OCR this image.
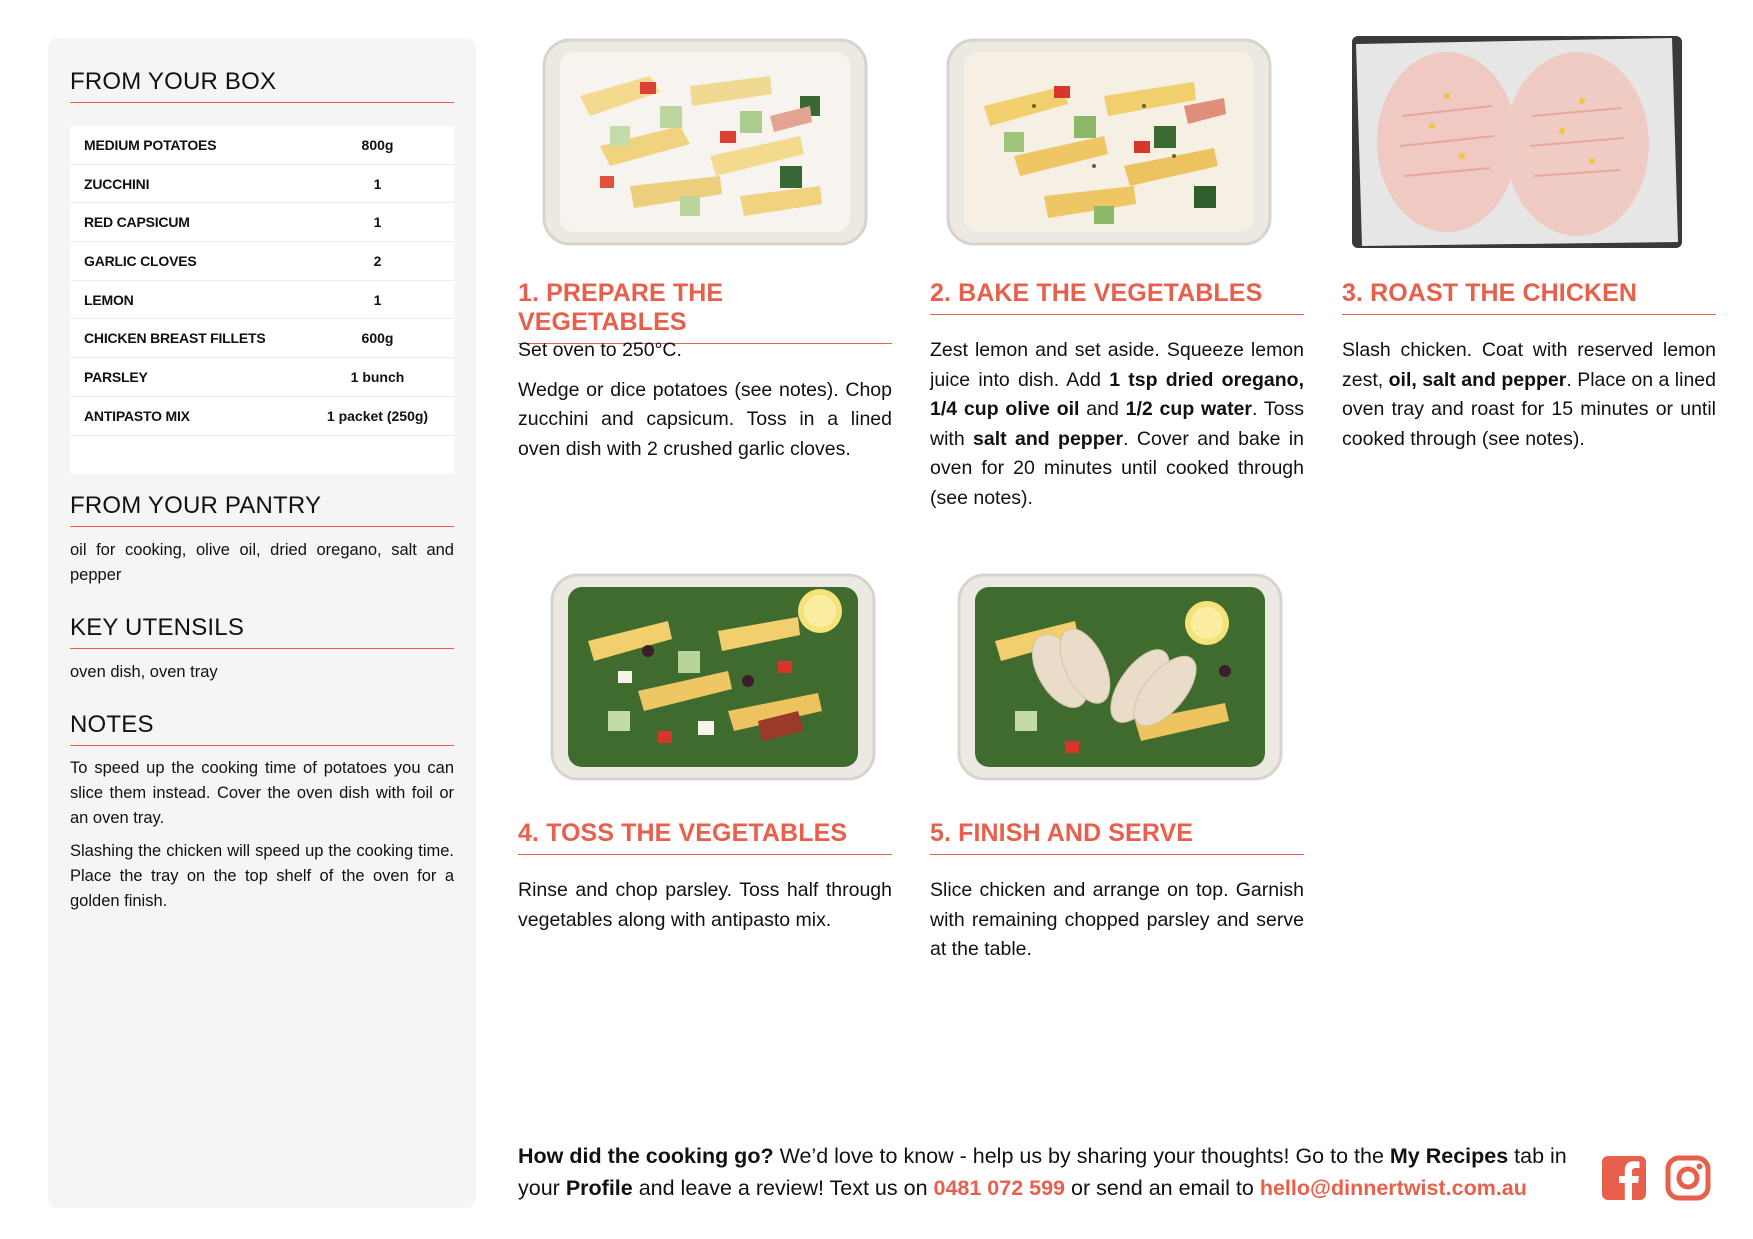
FROM YOUR BOX
MEDIUM POTATOES	800g
ZUCCHINI	1
RED CAPSICUM	1
GARLIC CLOVES	2
LEMON	1
CHICKEN BREAST FILLETS	600g
PARSLEY	1 bunch
ANTIPASTO MIX	1 packet (250g)
FROM YOUR PANTRY
oil for cooking, olive oil, dried oregano, salt and pepper
KEY UTENSILS
oven dish, oven tray
NOTES

To speed up the cooking time of potatoes you can slice them instead. Cover the oven dish with foil or an oven tray.

Slashing the chicken will speed up the cooking time. Place the tray on the top shelf of the oven for a golden finish.

1. PREPARE THE VEGETABLES

Set oven to 250°C.

Wedge or dice potatoes (see notes). Chop zucchini and capsicum. Toss in a lined oven dish with 2 crushed garlic cloves.

2. BAKE THE VEGETABLES

Zest lemon and set aside. Squeeze lemon juice into dish. Add 1 tsp dried oregano, 1/4 cup olive oil and 1/2 cup water. Toss with salt and pepper. Cover and bake in oven for 20 minutes until cooked through (see notes).

3. ROAST THE CHICKEN

Slash chicken. Coat with reserved lemon zest, oil, salt and pepper. Place on a lined oven tray and roast for 15 minutes or until cooked through (see notes).

4. TOSS THE VEGETABLES

Rinse and chop parsley. Toss half through vegetables along with antipasto mix.

5. FINISH AND SERVE

Slice chicken and arrange on top. Garnish with remaining chopped parsley and serve at the table.

How did the cooking go? We’d love to know - help us by sharing your thoughts! Go to the My Recipes tab in your Profile and leave a review! Text us on 0481 072 599 or send an email to hello@dinnertwist.com.au
